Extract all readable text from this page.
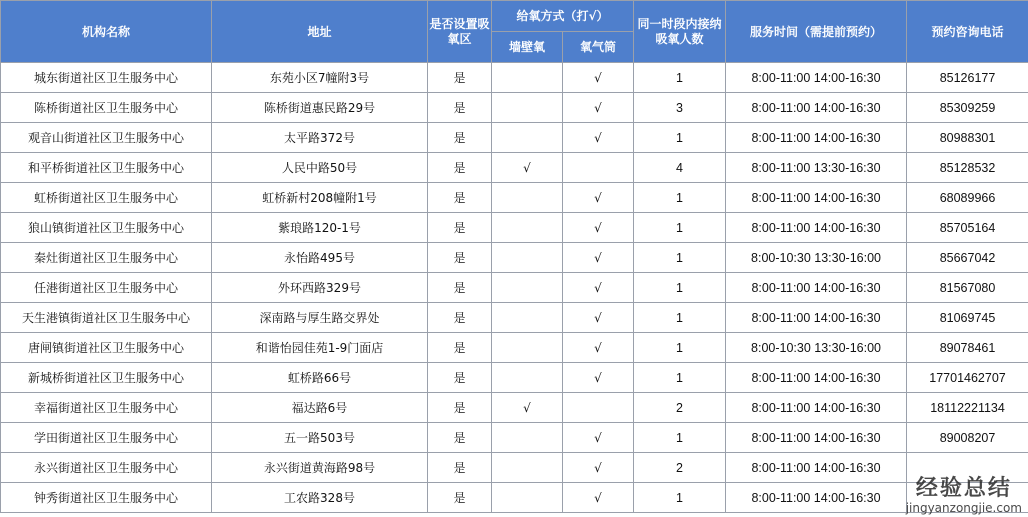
机构名称	地址	是否设置吸氧区	给氧方式（打√）		同一时段内接纳吸氧人数	服务时间（需提前预约）	预约咨询电话
			墙壁氧	氧气筒			
城东街道社区卫生服务中心	东苑小区7幢附3号	是		√	1	8:00-11:00 14:00-16:30	85126177
陈桥街道社区卫生服务中心	陈桥街道惠民路29号	是		√	3	8:00-11:00 14:00-16:30	85309259
观音山街道社区卫生服务中心	太平路372号	是		√	1	8:00-11:00 14:00-16:30	80988301
和平桥街道社区卫生服务中心	人民中路50号	是	√		4	8:00-11:00 13:30-16:30	85128532
虹桥街道社区卫生服务中心	虹桥新村208幢附1号	是		√	1	8:00-11:00 14:00-16:30	68089966
狼山镇街道社区卫生服务中心	紫琅路120-1号	是		√	1	8:00-11:00 14:00-16:30	85705164
秦灶街道社区卫生服务中心	永怡路495号	是		√	1	8:00-10:30 13:30-16:00	85667042
任港街道社区卫生服务中心	外环西路329号	是		√	1	8:00-11:00 14:00-16:30	81567080
天生港镇街道社区卫生服务中心	深南路与厚生路交界处	是		√	1	8:00-11:00 14:00-16:30	81069745
唐闸镇街道社区卫生服务中心	和谐怡园佳苑1-9门面店	是		√	1	8:00-10:30 13:30-16:00	89078461
新城桥街道社区卫生服务中心	虹桥路66号	是		√	1	8:00-11:00 14:00-16:30	17701462707
幸福街道社区卫生服务中心	福达路6号	是	√		2	8:00-11:00 14:00-16:30	18112221134
学田街道社区卫生服务中心	五一路503号	是		√	1	8:00-11:00 14:00-16:30	89008207
永兴街道社区卫生服务中心	永兴街道黄海路98号	是		√	2	8:00-11:00 14:00-16:30	
钟秀街道社区卫生服务中心	工农路328号	是		√	1	8:00-11:00 14:00-16:30		经验总结
jingyanzongjie.com
